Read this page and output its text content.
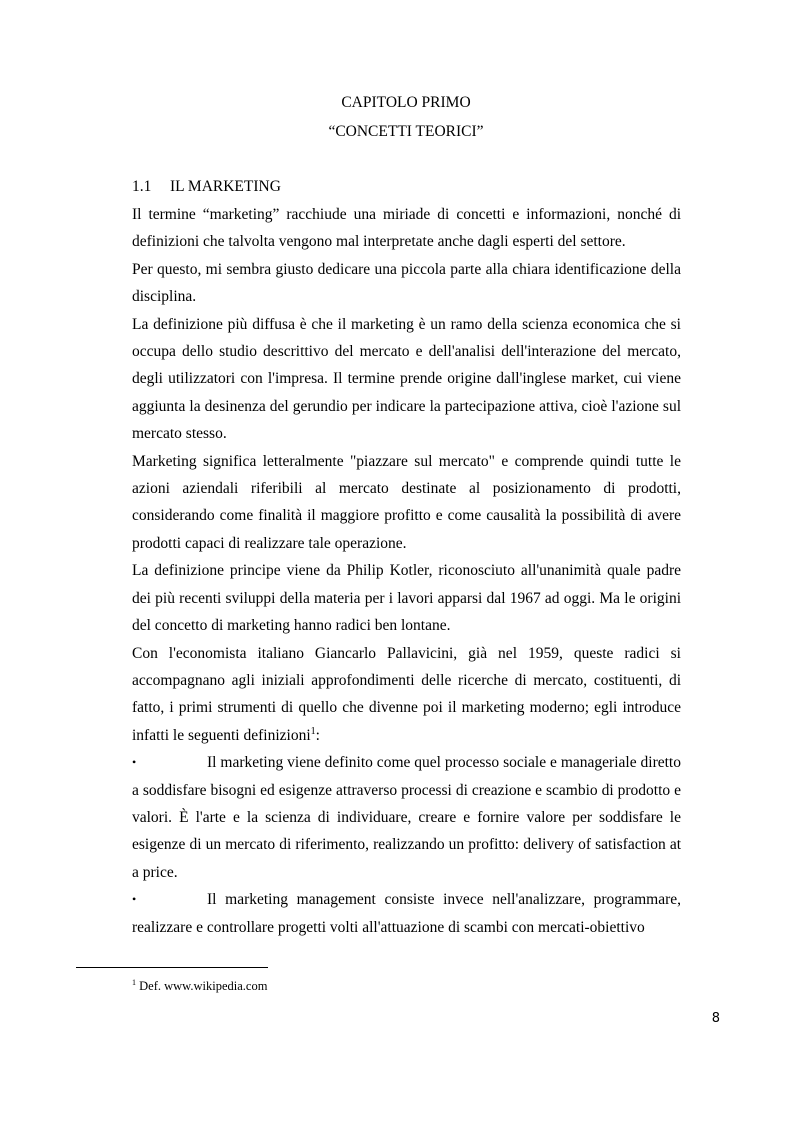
CAPITOLO PRIMO
“CONCETTI TEORICI”
1.1 IL MARKETING

Il termine “marketing” racchiude una miriade di concetti e informazioni, nonché di definizioni che talvolta vengono mal interpretate anche dagli esperti del settore.

Per questo, mi sembra giusto dedicare una piccola parte alla chiara identificazione della disciplina.

La definizione più diffusa è che il marketing è un ramo della scienza economica che si occupa dello studio descrittivo del mercato e dell'analisi dell'interazione del mercato, degli utilizzatori con l'impresa. Il termine prende origine dall'inglese market, cui viene aggiunta la desinenza del gerundio per indicare la partecipazione attiva, cioè l'azione sul mercato stesso.

Marketing significa letteralmente "piazzare sul mercato" e comprende quindi tutte le azioni aziendali riferibili al mercato destinate al posizionamento di prodotti, considerando come finalità il maggiore profitto e come causalità la possibilità di avere prodotti capaci di realizzare tale operazione.

La definizione principe viene da Philip Kotler, riconosciuto all'unanimità quale padre dei più recenti sviluppi della materia per i lavori apparsi dal 1967 ad oggi. Ma le origini del concetto di marketing hanno radici ben lontane.

Con l'economista italiano Giancarlo Pallavicini, già nel 1959, queste radici si accompagnano agli iniziali approfondimenti delle ricerche di mercato, costituenti, di fatto, i primi strumenti di quello che divenne poi il marketing moderno; egli introduce infatti le seguenti definizioni$^1$:

•	Il marketing viene definito come quel processo sociale e manageriale diretto a soddisfare bisogni ed esigenze attraverso processi di creazione e scambio di prodotto e valori. È l'arte e la scienza di individuare, creare e fornire valore per soddisfare le esigenze di un mercato di riferimento, realizzando un profitto: delivery of satisfaction at a price.
•	Il marketing management consiste invece nell'analizzare, programmare, realizzare e controllare progetti volti all'attuazione di scambi con mercati-obiettivo
$^1$ Def. www.wikipedia.com
8
